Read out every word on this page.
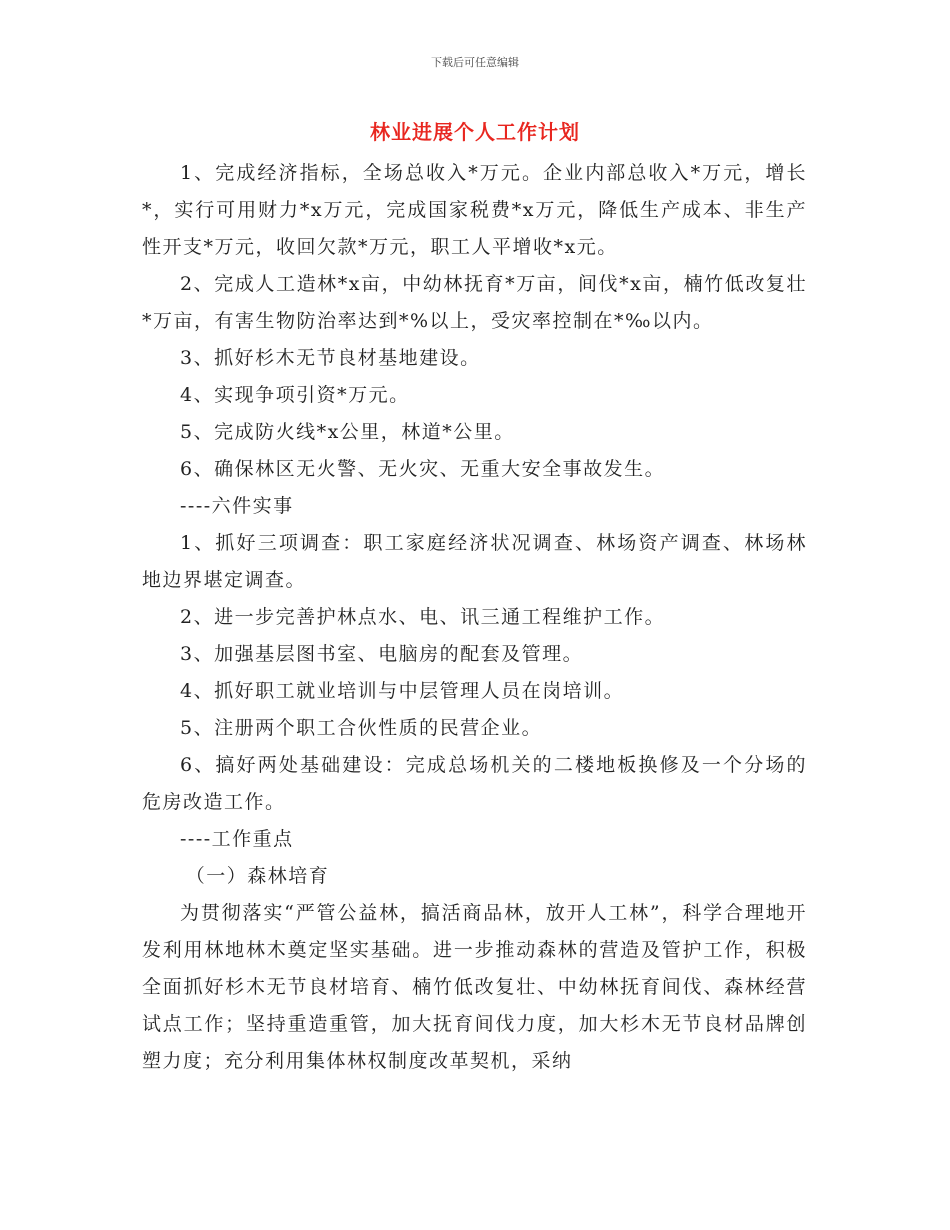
下载后可任意编辑
林业进展个人工作计划

1、完成经济指标，全场总收入*万元。企业内部总收入*万元，增长*，实行可用财力*x万元，完成国家税费*x万元，降低生产成本、非生产性开支*万元，收回欠款*万元，职工人平增收*x元。

2、完成人工造林*x亩，中幼林抚育*万亩，间伐*x亩，楠竹低改复壮*万亩，有害生物防治率达到*%以上，受灾率控制在*‰以内。

3、抓好杉木无节良材基地建设。

4、实现争项引资*万元。

5、完成防火线*x公里，林道*公里。

6、确保林区无火警、无火灾、无重大安全事故发生。

----六件实事

1、抓好三项调查：职工家庭经济状况调查、林场资产调查、林场林地边界堪定调查。

2、进一步完善护林点水、电、讯三通工程维护工作。

3、加强基层图书室、电脑房的配套及管理。

4、抓好职工就业培训与中层管理人员在岗培训。

5、注册两个职工合伙性质的民营企业。

6、搞好两处基础建设：完成总场机关的二楼地板换修及一个分场的危房改造工作。

----工作重点

（一）森林培育

为贯彻落实“严管公益林，搞活商品林，放开人工林”，科学合理地开发利用林地林木奠定坚实基础。进一步推动森林的营造及管护工作，积极全面抓好杉木无节良材培育、楠竹低改复壮、中幼林抚育间伐、森林经营试点工作；坚持重造重管，加大抚育间伐力度，加大杉木无节良材品牌创塑力度；充分利用集体林权制度改革契机，采纳
